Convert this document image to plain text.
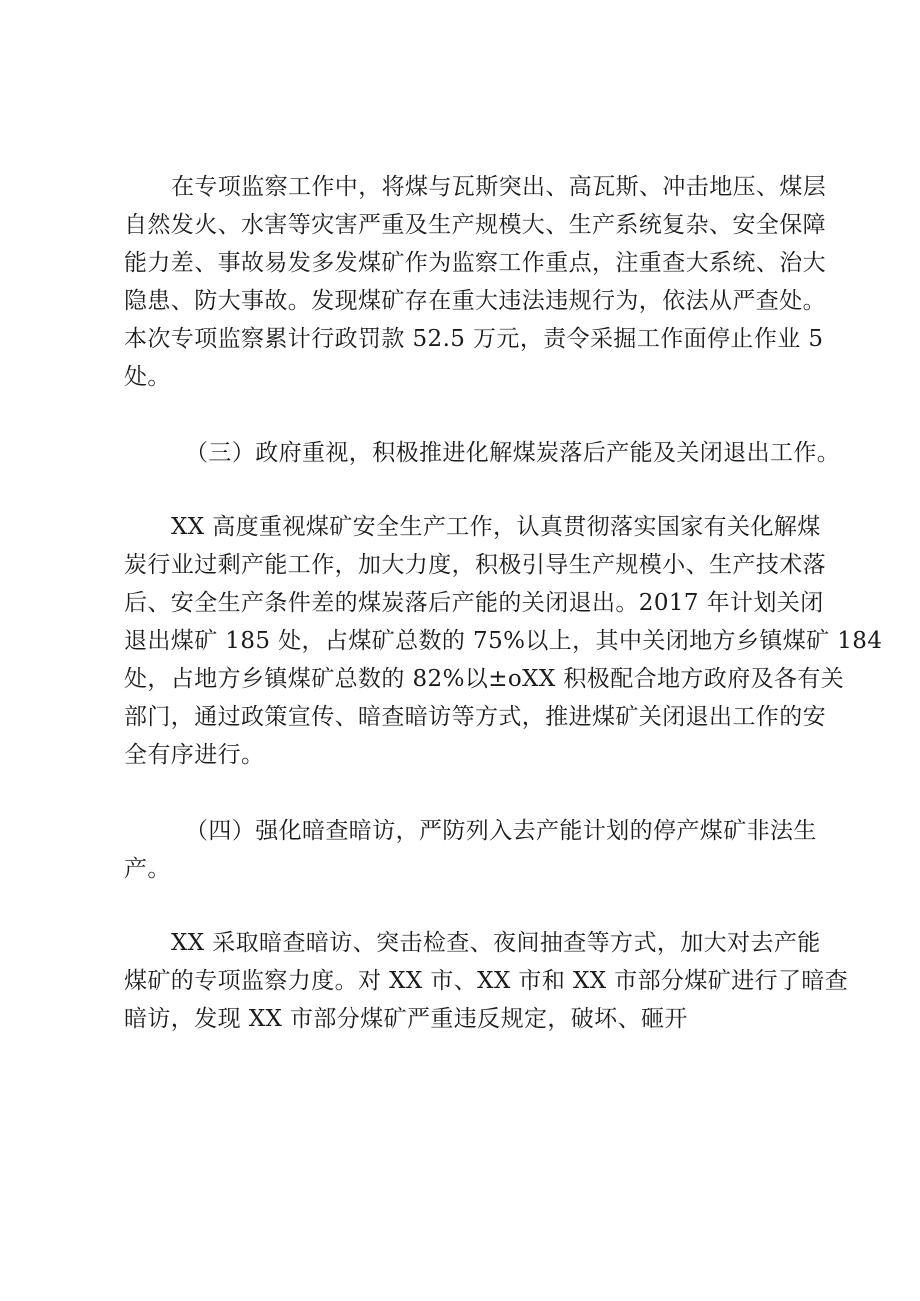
在专项监察工作中，将煤与瓦斯突出、高瓦斯、冲击地压、煤层
自然发火、水害等灾害严重及生产规模大、生产系统复杂、安全保障
能力差、事故易发多发煤矿作为监察工作重点，注重查大系统、治大
隐患、防大事故。发现煤矿存在重大违法违规行为，依法从严查处。
本次专项监察累计行政罚款 52.5 万元，责令采掘工作面停止作业 5
处。
（三）政府重视，积极推进化解煤炭落后产能及关闭退出工作。
XX 高度重视煤矿安全生产工作，认真贯彻落实国家有关化解煤
炭行业过剩产能工作，加大力度，积极引导生产规模小、生产技术落
后、安全生产条件差的煤炭落后产能的关闭退出。2017 年计划关闭
退出煤矿 185 处，占煤矿总数的 75%以上，其中关闭地方乡镇煤矿 184
处，占地方乡镇煤矿总数的 82%以±oXX 积极配合地方政府及各有关
部门，通过政策宣传、暗查暗访等方式，推进煤矿关闭退出工作的安
全有序进行。
（四）强化暗查暗访，严防列入去产能计划的停产煤矿非法生
产。
XX 采取暗查暗访、突击检查、夜间抽查等方式，加大对去产能
煤矿的专项监察力度。对 XX 市、XX 市和 XX 市部分煤矿进行了暗查
暗访，发现 XX 市部分煤矿严重违反规定，破坏、砸开
